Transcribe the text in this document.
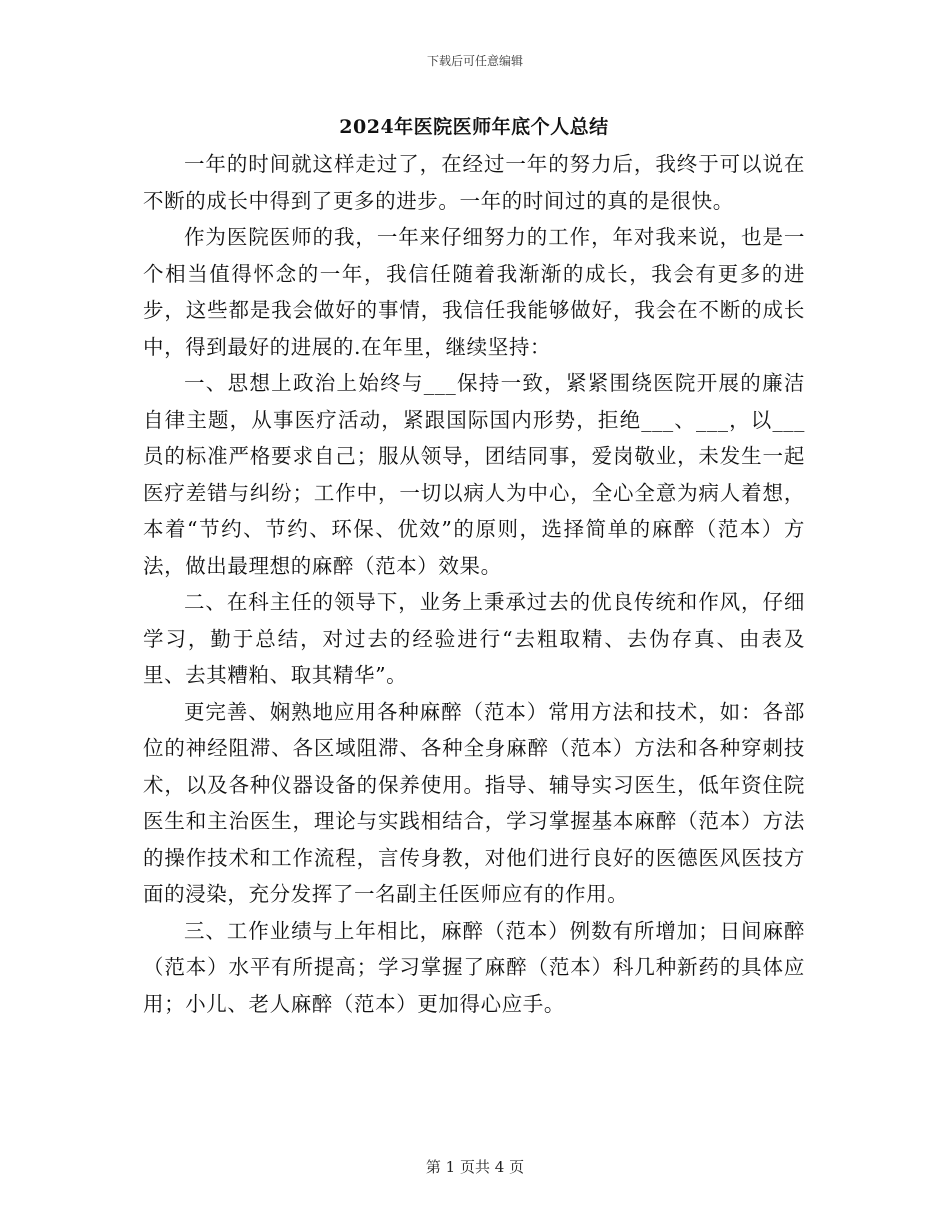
下载后可任意编辑
2024年医院医师年底个人总结

一年的时间就这样走过了，在经过一年的努力后，我终于可以说在不断的成长中得到了更多的进步。一年的时间过的真的是很快。

作为医院医师的我，一年来仔细努力的工作，年对我来说，也是一个相当值得怀念的一年，我信任随着我渐渐的成长，我会有更多的进步，这些都是我会做好的事情，我信任我能够做好，我会在不断的成长中，得到最好的进展的.在年里，继续坚持：

一、思想上政治上始终与___保持一致，紧紧围绕医院开展的廉洁自律主题，从事医疗活动，紧跟国际国内形势，拒绝___、___，以___员的标准严格要求自己；服从领导，团结同事，爱岗敬业，未发生一起医疗差错与纠纷；工作中，一切以病人为中心，全心全意为病人着想，本着“节约、节约、环保、优效”的原则，选择简单的麻醉（范本）方法，做出最理想的麻醉（范本）效果。

二、在科主任的领导下，业务上秉承过去的优良传统和作风，仔细学习，勤于总结，对过去的经验进行“去粗取精、去伪存真、由表及里、去其糟粕、取其精华”。

更完善、娴熟地应用各种麻醉（范本）常用方法和技术，如：各部位的神经阻滞、各区域阻滞、各种全身麻醉（范本）方法和各种穿刺技术，以及各种仪器设备的保养使用。指导、辅导实习医生，低年资住院医生和主治医生，理论与实践相结合，学习掌握基本麻醉（范本）方法的操作技术和工作流程，言传身教，对他们进行良好的医德医风医技方面的浸染，充分发挥了一名副主任医师应有的作用。

三、工作业绩与上年相比，麻醉（范本）例数有所增加；日间麻醉（范本）水平有所提高；学习掌握了麻醉（范本）科几种新药的具体应用；小儿、老人麻醉（范本）更加得心应手。

第 1 页共 4 页
